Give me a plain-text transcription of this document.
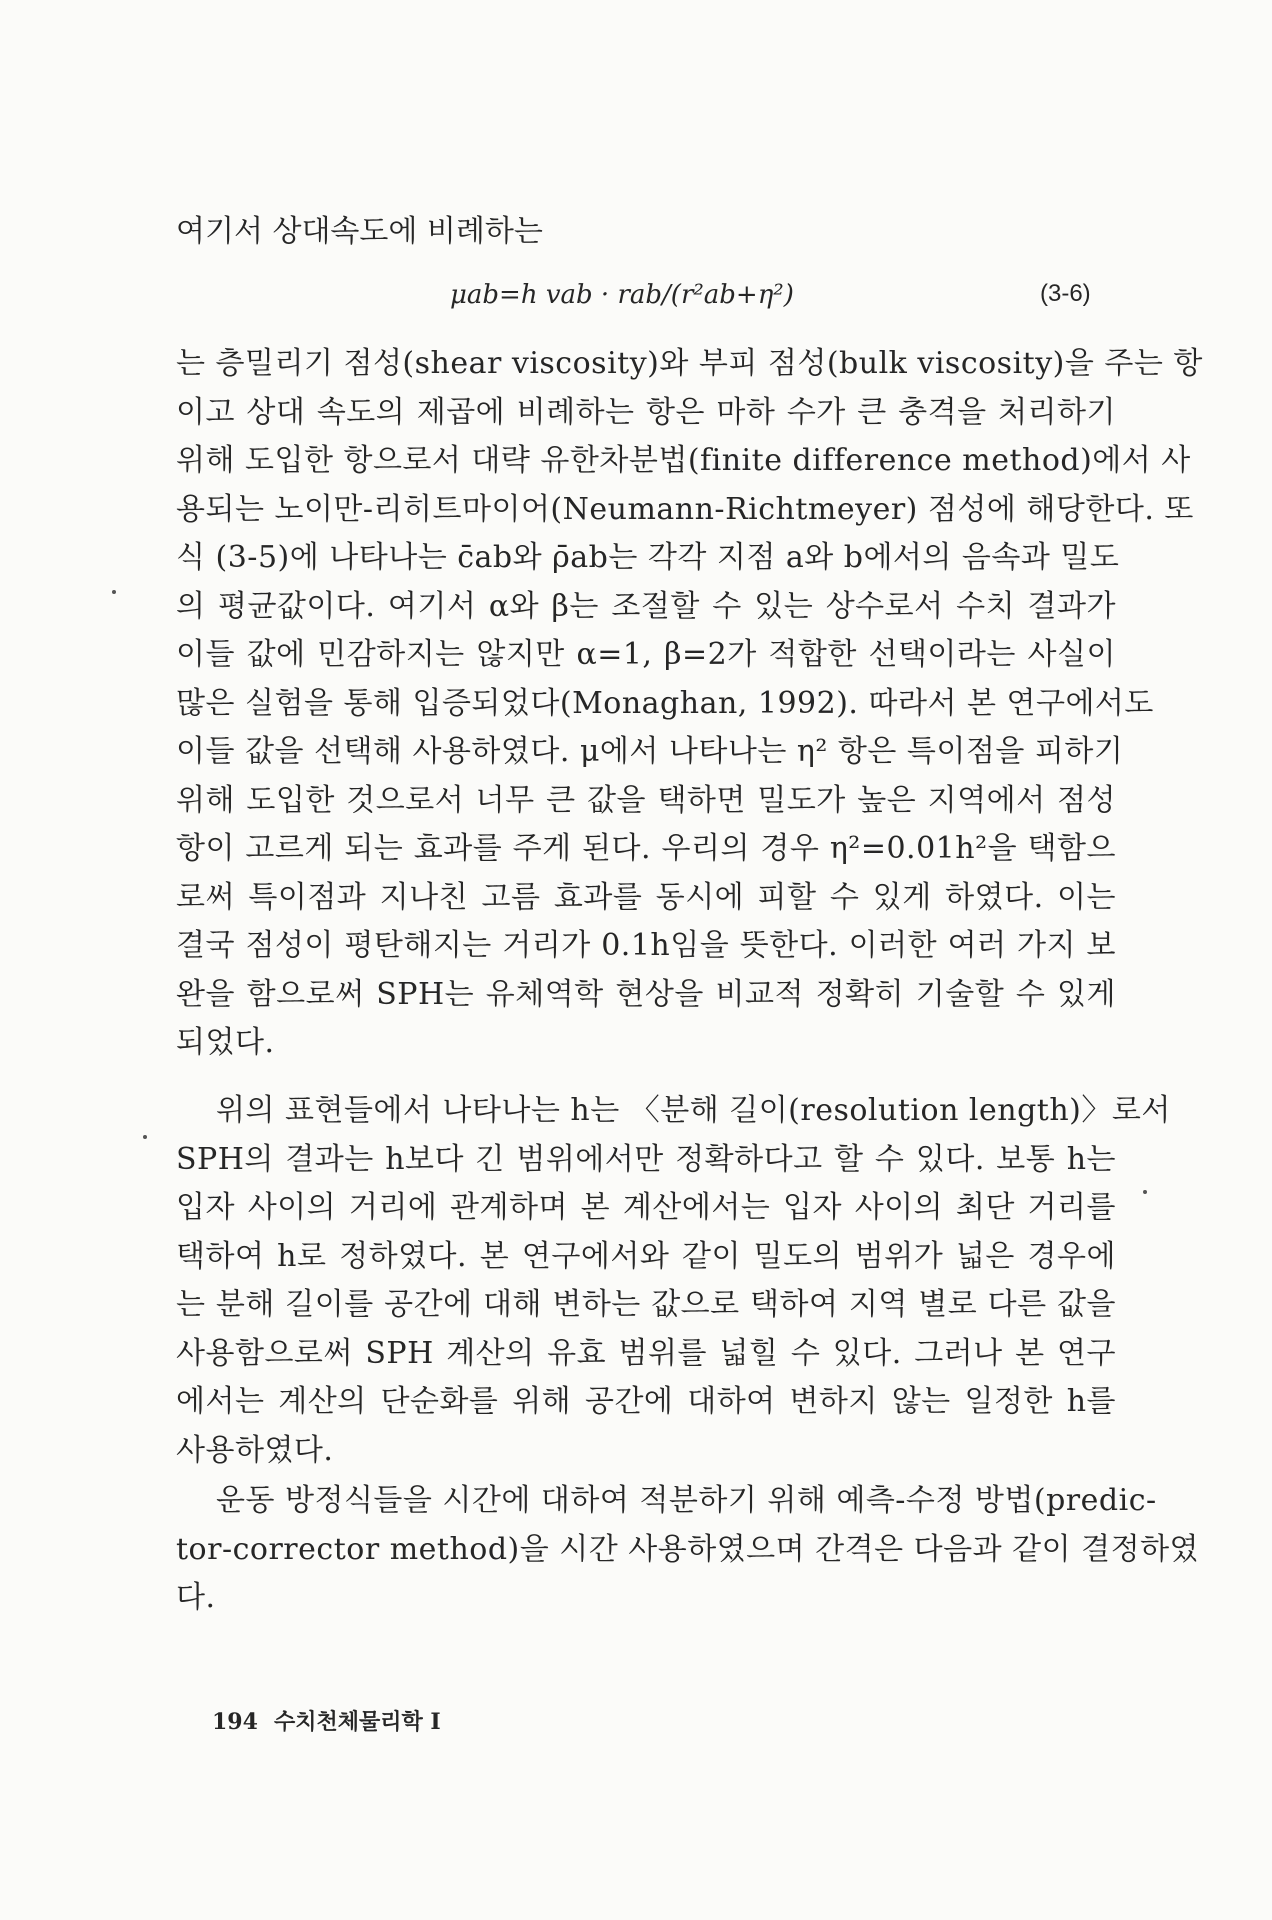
여기서 상대속도에 비례하는
μab=h vab · rab/(r²ab+η²)	(3-6)
는 층밀리기 점성(shear viscosity)와 부피 점성(bulk viscosity)을 주는 항
이고 상대 속도의 제곱에 비례하는 항은 마하 수가 큰 충격을 처리하기
위해 도입한 항으로서 대략 유한차분법(finite difference method)에서 사
용되는 노이만-리히트마이어(Neumann-Richtmeyer) 점성에 해당한다. 또
식 (3-5)에 나타나는 c̄ab와 ρ̄ab는 각각 지점 a와 b에서의 음속과 밀도
의 평균값이다. 여기서 α와 β는 조절할 수 있는 상수로서 수치 결과가
이들 값에 민감하지는 않지만 α=1, β=2가 적합한 선택이라는 사실이
많은 실험을 통해 입증되었다(Monaghan, 1992). 따라서 본 연구에서도
이들 값을 선택해 사용하였다. μ에서 나타나는 η² 항은 특이점을 피하기
위해 도입한 것으로서 너무 큰 값을 택하면 밀도가 높은 지역에서 점성
항이 고르게 되는 효과를 주게 된다. 우리의 경우 η²=0.01h²을 택함으
로써 특이점과 지나친 고름 효과를 동시에 피할 수 있게 하였다. 이는
결국 점성이 평탄해지는 거리가 0.1h임을 뜻한다. 이러한 여러 가지 보
완을 함으로써 SPH는 유체역학 현상을 비교적 정확히 기술할 수 있게
되었다.
위의 표현들에서 나타나는 h는 〈분해 길이(resolution length)〉로서
SPH의 결과는 h보다 긴 범위에서만 정확하다고 할 수 있다. 보통 h는
입자 사이의 거리에 관계하며 본 계산에서는 입자 사이의 최단 거리를
택하여 h로 정하였다. 본 연구에서와 같이 밀도의 범위가 넓은 경우에
는 분해 길이를 공간에 대해 변하는 값으로 택하여 지역 별로 다른 값을
사용함으로써 SPH 계산의 유효 범위를 넓힐 수 있다. 그러나 본 연구
에서는 계산의 단순화를 위해 공간에 대하여 변하지 않는 일정한 h를
사용하였다.
운동 방정식들을 시간에 대하여 적분하기 위해 예측-수정 방법(predic-
tor-corrector method)을 시간 사용하였으며 간격은 다음과 같이 결정하였
다.
194 수치천체물리학 I
